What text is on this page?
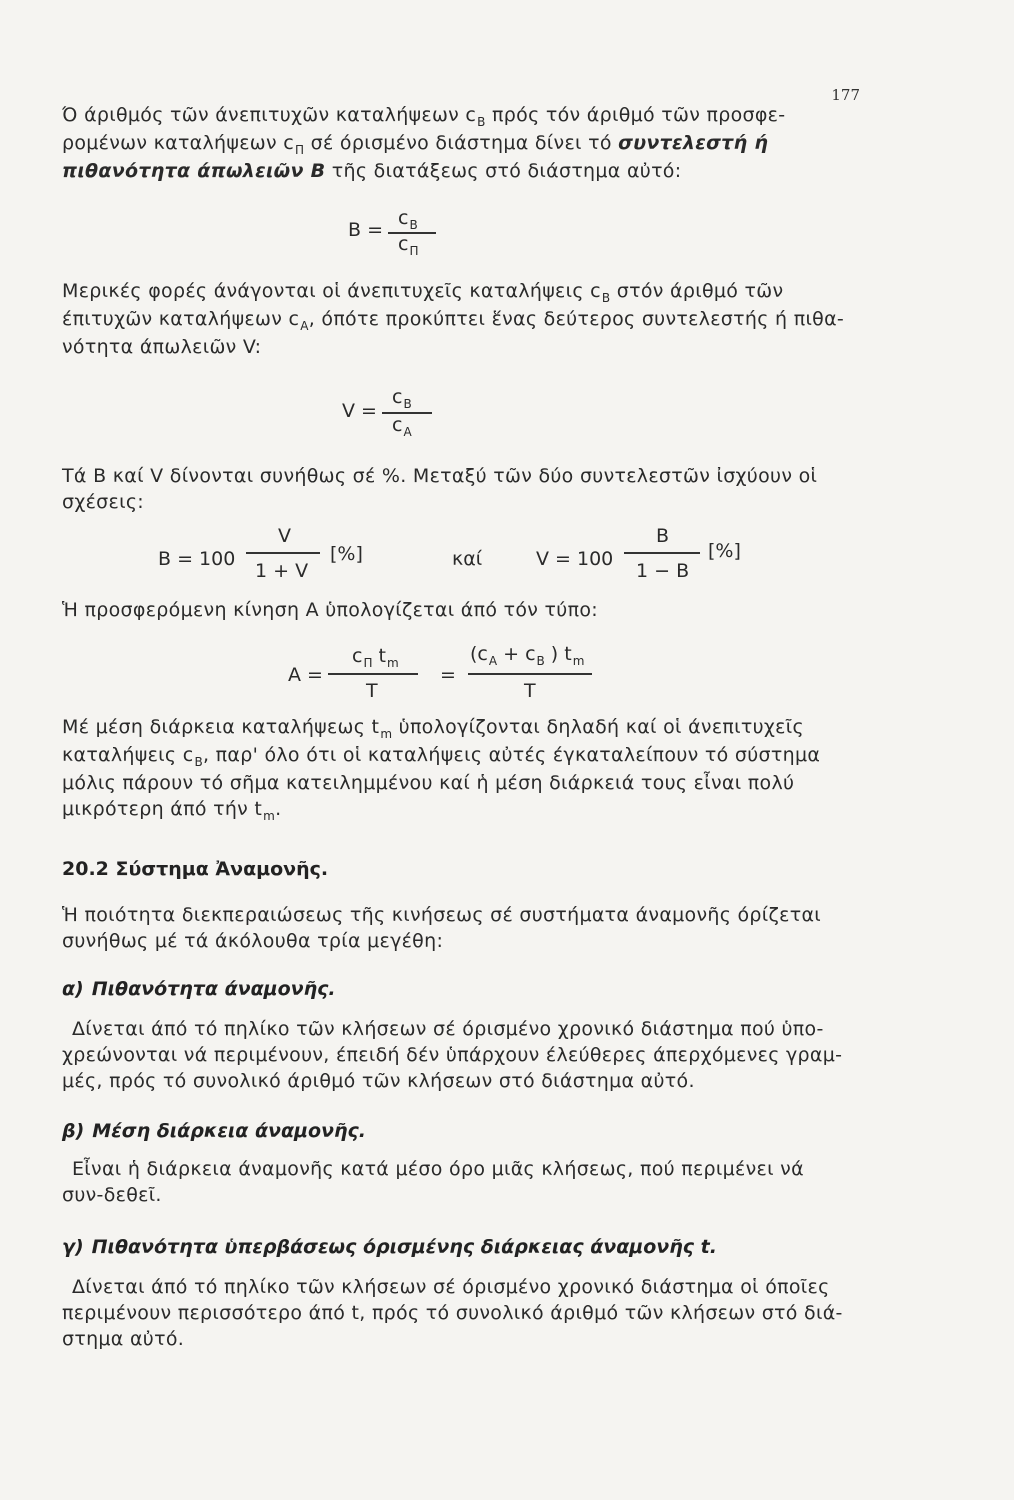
177

Ό άριθμός τῶν άνεπιτυχῶν καταλήψεων $c_B$ πρός τόν άριθμό τῶν προσφε-ρομένων καταλήψεων $c_\Pi$ σέ όρισμένο διάστημα δίνει τό συντελεστή ή πιθανότητα άπωλειῶν B τῆς διατάξεως στό διάστημα αὐτό:

B =
$c_B$
$c_\Pi$

Μερικές φορές άνάγονται οἱ άνεπιτυχεῖς καταλήψεις $c_B$ στόν άριθμό τῶν έπιτυχῶν καταλήψεων $c_A$, όπότε προκύπτει ἕνας δεύτερος συντελεστής ή πιθα-νότητα άπωλειῶν V:

V =
$c_B$
$c_A$

Τά B καί V δίνονται συνήθως σέ %. Μεταξύ τῶν δύο συντελεστῶν ἰσχύουν οἱ σχέσεις:

B = 100
V
1 + V
[%]	καί	V = 100
B
1 − B
[%]

Ἡ προσφερόμενη κίνηση A ὑπολογίζεται άπό τόν τύπο:

A =
$c_\Pi$ $t_m$
T
=
($c_A + c_B$ ) $t_m$
T

Μέ μέση διάρκεια καταλήψεως $t_m$ ὑπολογίζονται δηλαδή καί οἱ άνεπιτυχεῖς καταλήψεις $c_B$, παρ' όλο ότι οἱ καταλήψεις αὐτές έγκαταλείπουν τό σύστημα μόλις πάρουν τό σῆμα κατειλημμένου καί ἡ μέση διάρκειά τους εἶναι πολύ μικρότερη άπό τήν $t_m$.

20.2 Σύστημα Ἀναμονῆς.

Ἡ ποιότητα διεκπεραιώσεως τῆς κινήσεως σέ συστήματα άναμονῆς όρίζεται συνήθως μέ τά άκόλουθα τρία μεγέθη:

α) Πιθανότητα άναμονῆς.

Δίνεται άπό τό πηλίκο τῶν κλήσεων σέ όρισμένο χρονικό διάστημα πού ὑπο-χρεώνονται νά περιμένουν, έπειδή δέν ὑπάρχουν έλεύθερες άπερχόμενες γραμ-μές, πρός τό συνολικό άριθμό τῶν κλήσεων στό διάστημα αὐτό.

β) Μέση διάρκεια άναμονῆς.

Εἶναι ἡ διάρκεια άναμονῆς κατά μέσο όρο μιᾶς κλήσεως, πού περιμένει νά συν-δεθεῖ.

γ) Πιθανότητα ὑπερβάσεως όρισμένης διάρκειας άναμονῆς t.

Δίνεται άπό τό πηλίκο τῶν κλήσεων σέ όρισμένο χρονικό διάστημα οἱ όποῖες περιμένουν περισσότερο άπό t, πρός τό συνολικό άριθμό τῶν κλήσεων στό διά-στημα αὐτό.
